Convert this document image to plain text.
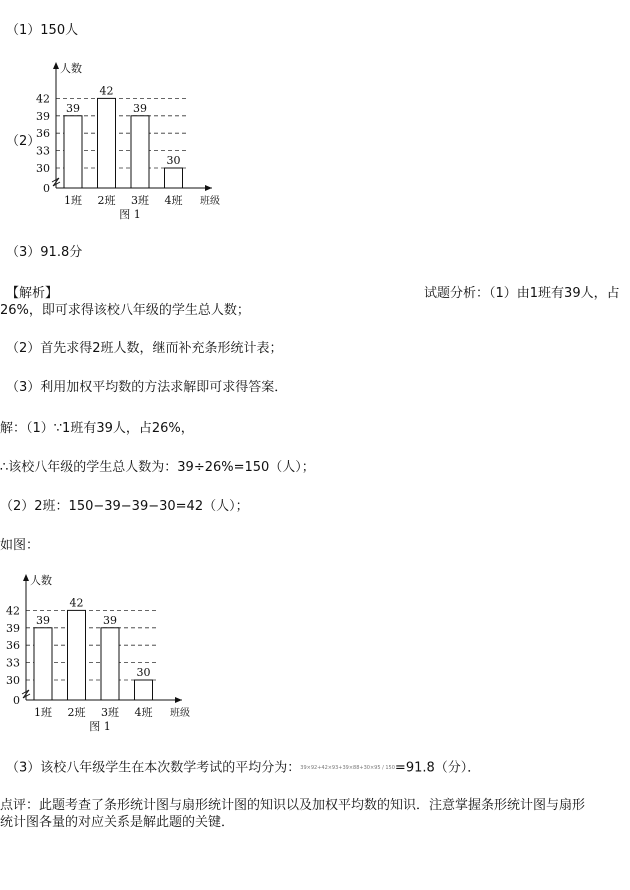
（1）150人
（2）
0
30
33
36
39
42
人数
39
1班
42
2班
39
3班
30
4班 班级
图 1
（3）91.8分
【解析】	试题分析：（1）由1班有39人，占
26%，即可求得该校八年级的学生总人数；
（2）首先求得2班人数，继而补充条形统计表；
（3）利用加权平均数的方法求解即可求得答案．
解：（1）∵1班有39人，占26%，
∴该校八年级的学生总人数为：39÷26%=150（人）；
（2）2班：150−39−39−30=42（人）；
如图：
0
30
33
36
39
42
人数
39
1班
42
2班
39
3班
30
4班 班级
图 1
（3）该校八年级学生在本次数学考试的平均分为：39×92+42×93+39×88+30×95 / 150=91.8（分）．
点评：此题考查了条形统计图与扇形统计图的知识以及加权平均数的知识．注意掌握条形统计图与扇形
统计图各量的对应关系是解此题的关键．
